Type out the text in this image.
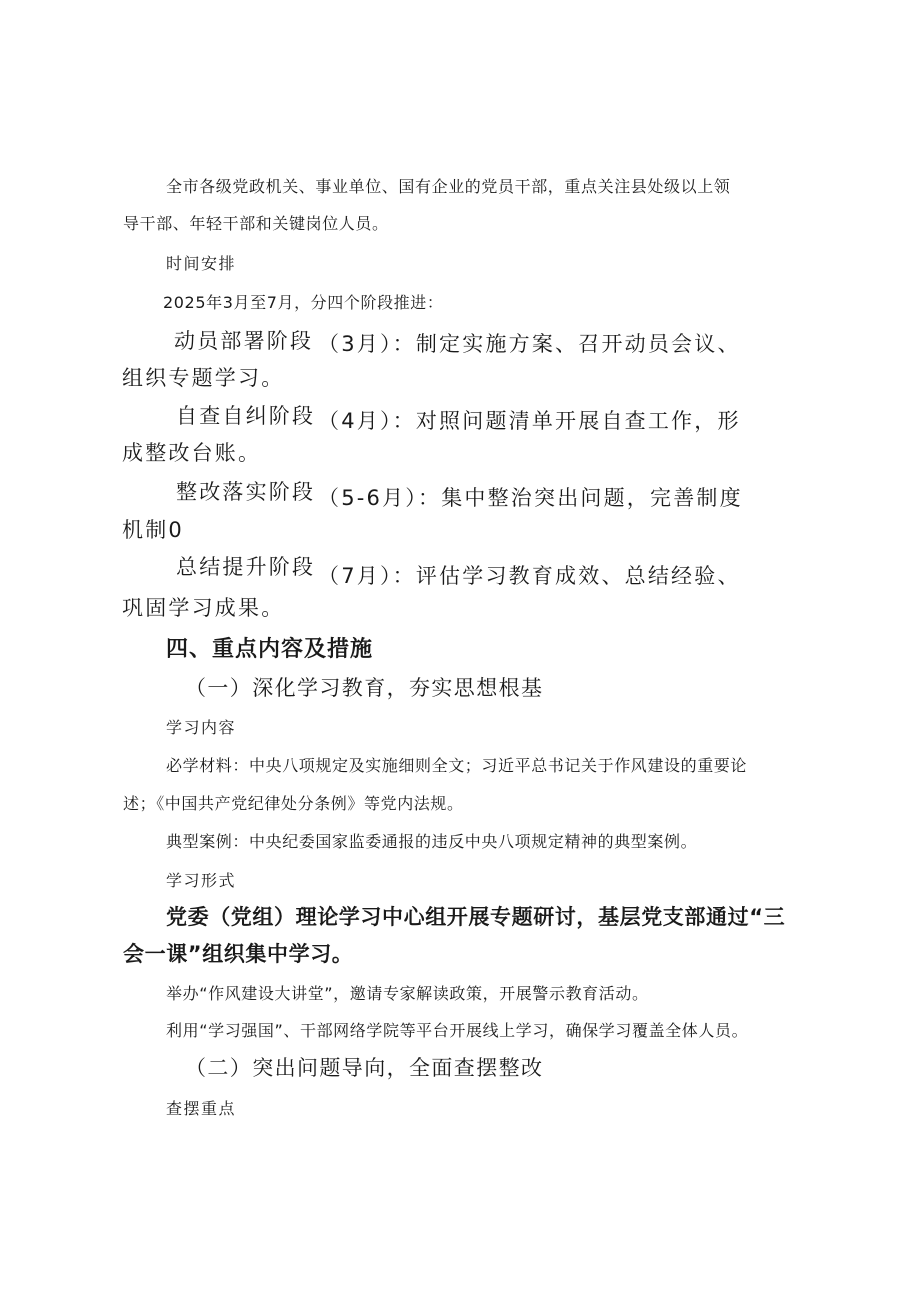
全市各级党政机关、事业单位、国有企业的党员干部，重点关注县处级以上领
导干部、年轻干部和关键岗位人员。
时间安排
2025年3月至7月，分四个阶段推进：
动员部署阶段 （3月）：制定实施方案、召开动员会议、
组织专题学习。
自查自纠阶段 （4月）：对照问题清单开展自查工作，形
成整改台账。
整改落实阶段 （5-6月）：集中整治突出问题，完善制度
机制0
总结提升阶段 （7月）：评估学习教育成效、总结经验、
巩固学习成果。
四、重点内容及措施
（一）深化学习教育，夯实思想根基
学习内容
必学材料：中央八项规定及实施细则全文；习近平总书记关于作风建设的重要论
述；《中国共产党纪律处分条例》等党内法规。
典型案例：中央纪委国家监委通报的违反中央八项规定精神的典型案例。
学习形式
党委（党组）理论学习中心组开展专题研讨，基层党支部通过“三
会一课”组织集中学习。
举办“作风建设大讲堂”，邀请专家解读政策，开展警示教育活动。
利用“学习强国”、干部网络学院等平台开展线上学习，确保学习覆盖全体人员。
（二）突出问题导向，全面查摆整改
查摆重点
